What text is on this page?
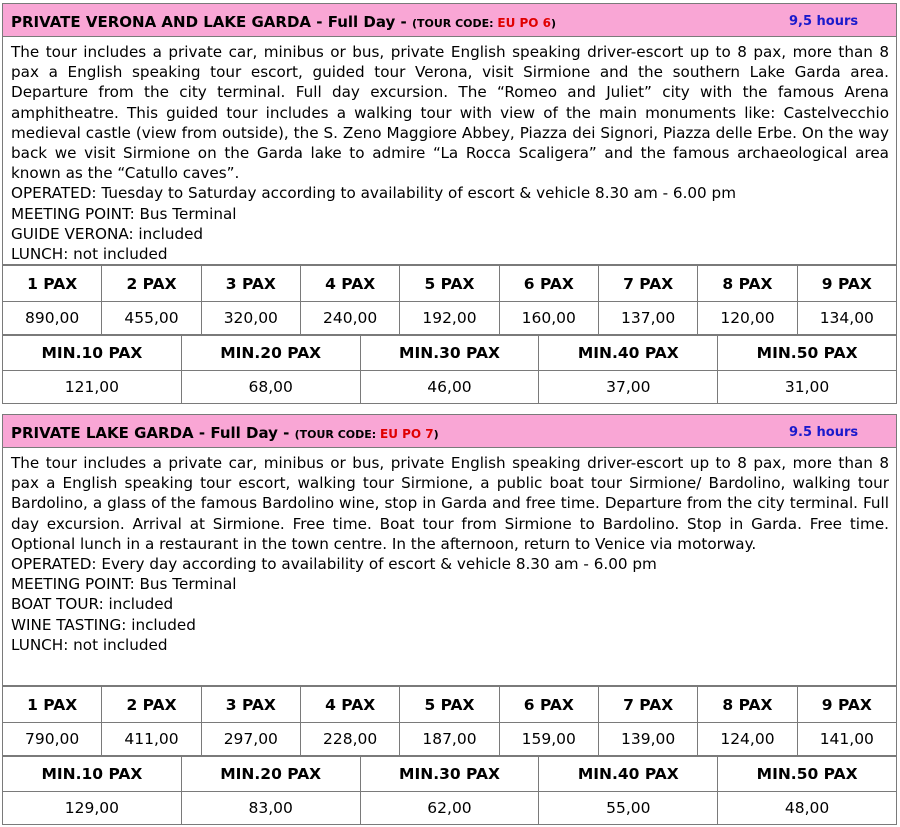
PRIVATE VERONA AND LAKE GARDA - Full Day - (TOUR CODE: EU PO 6)	9,5 hours
The tour includes a private car, minibus or bus, private English speaking driver-escort up to 8 pax, more than 8 pax a English speaking tour escort, guided tour Verona, visit Sirmione and the southern Lake Garda area. Departure from the city terminal. Full day excursion. The “Romeo and Juliet” city with the famous Arena amphitheatre. This guided tour includes a walking tour with view of the main monuments like: Castelvecchio medieval castle (view from outside), the S. Zeno Maggiore Abbey, Piazza dei Signori, Piazza delle Erbe. On the way back we visit Sirmione on the Garda lake to admire “La Rocca Scaligera” and the famous archaeological area known as the “Catullo caves”.
OPERATED: Tuesday to Saturday according to availability of escort & vehicle 8.30 am - 6.00 pm
MEETING POINT: Bus Terminal
GUIDE VERONA: included
LUNCH: not included
1 PAX	2 PAX	3 PAX	4 PAX	5 PAX	6 PAX	7 PAX	8 PAX	9 PAX
890,00	455,00	320,00	240,00	192,00	160,00	137,00	120,00	134,00
MIN.10 PAX	MIN.20 PAX	MIN.30 PAX	MIN.40 PAX	MIN.50 PAX
121,00	68,00	46,00	37,00	31,00
PRIVATE LAKE GARDA - Full Day - (TOUR CODE: EU PO 7)	9.5 hours
The tour includes a private car, minibus or bus, private English speaking driver-escort up to 8 pax, more than 8 pax a English speaking tour escort, walking tour Sirmione, a public boat tour Sirmione/ Bardolino, walking tour Bardolino, a glass of the famous Bardolino wine, stop in Garda and free time. Departure from the city terminal. Full day excursion. Arrival at Sirmione. Free time. Boat tour from Sirmione to Bardolino. Stop in Garda. Free time. Optional lunch in a restaurant in the town centre. In the afternoon, return to Venice via motorway.
OPERATED: Every day according to availability of escort & vehicle 8.30 am - 6.00 pm
MEETING POINT: Bus Terminal
BOAT TOUR: included
WINE TASTING: included
LUNCH: not included
1 PAX	2 PAX	3 PAX	4 PAX	5 PAX	6 PAX	7 PAX	8 PAX	9 PAX
790,00	411,00	297,00	228,00	187,00	159,00	139,00	124,00	141,00
MIN.10 PAX	MIN.20 PAX	MIN.30 PAX	MIN.40 PAX	MIN.50 PAX
129,00	83,00	62,00	55,00	48,00
